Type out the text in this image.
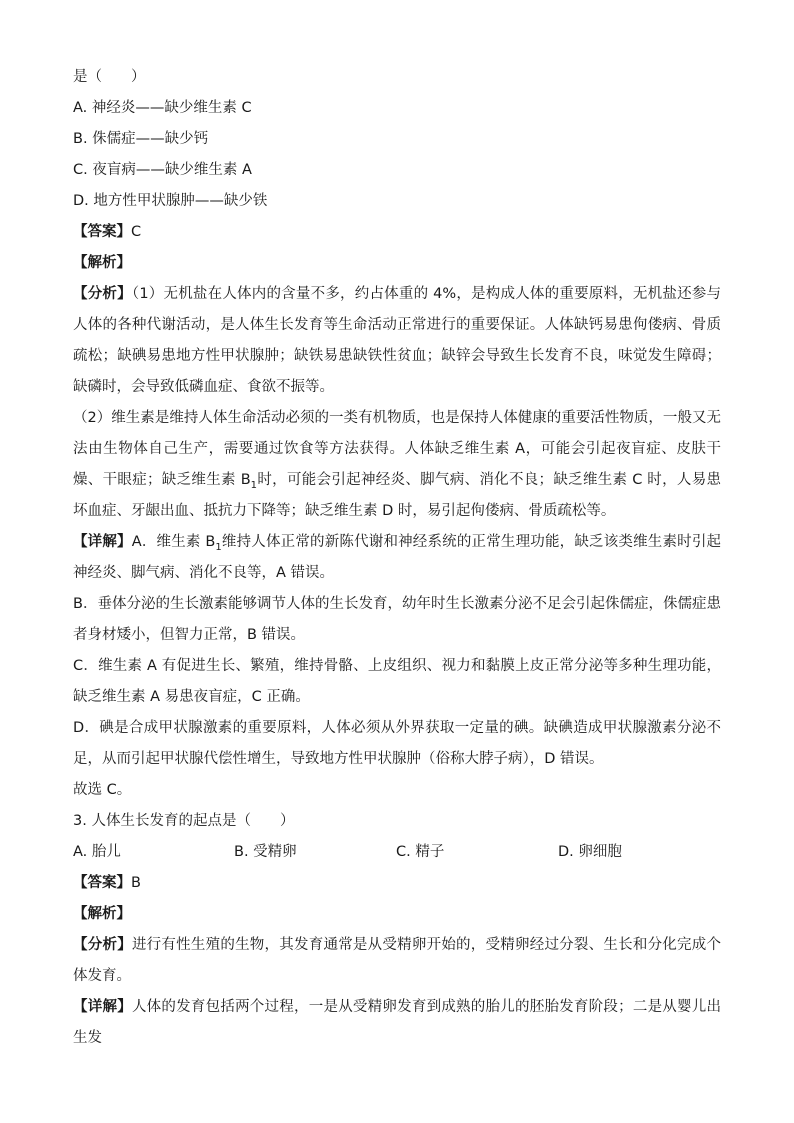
是（　　）
A. 神经炎——缺少维生素 C
B. 侏儒症——缺少钙
C. 夜盲病——缺少维生素 A
D. 地方性甲状腺肿——缺少铁
【答案】C
【解析】
【分析】（1）无机盐在人体内的含量不多，约占体重的 4%，是构成人体的重要原料，无机盐还参与人体的各种代谢活动，是人体生长发育等生命活动正常进行的重要保证。人体缺钙易患佝偻病、骨质疏松；缺碘易患地方性甲状腺肿；缺铁易患缺铁性贫血；缺锌会导致生长发育不良，味觉发生障碍；缺磷时，会导致低磷血症、食欲不振等。
（2）维生素是维持人体生命活动必须的一类有机物质，也是保持人体健康的重要活性物质，一般又无法由生物体自己生产，需要通过饮食等方法获得。人体缺乏维生素 A，可能会引起夜盲症、皮肤干燥、干眼症；缺乏维生素 $B_1$时，可能会引起神经炎、脚气病、消化不良；缺乏维生素 C 时，人易患坏血症、牙龈出血、抵抗力下降等；缺乏维生素 D 时，易引起佝偻病、骨质疏松等。
【详解】A．维生素 $B_1$维持人体正常的新陈代谢和神经系统的正常生理功能，缺乏该类维生素时引起神经炎、脚气病、消化不良等，A 错误。
B．垂体分泌的生长激素能够调节人体的生长发育，幼年时生长激素分泌不足会引起侏儒症，侏儒症患者身材矮小，但智力正常，B 错误。
C．维生素 A 有促进生长、繁殖，维持骨骼、上皮组织、视力和黏膜上皮正常分泌等多种生理功能，缺乏维生素 A 易患夜盲症，C 正确。
D．碘是合成甲状腺激素的重要原料，人体必须从外界获取一定量的碘。缺碘造成甲状腺激素分泌不足，从而引起甲状腺代偿性增生，导致地方性甲状腺肿（俗称大脖子病），D 错误。
故选 C。
3. 人体生长发育的起点是（　　）
A. 胎儿	B. 受精卵	C. 精子	D. 卵细胞
【答案】B
【解析】
【分析】进行有性生殖的生物，其发育通常是从受精卵开始的，受精卵经过分裂、生长和分化完成个体发育。
【详解】人体的发育包括两个过程，一是从受精卵发育到成熟的胎儿的胚胎发育阶段；二是从婴儿出生发
